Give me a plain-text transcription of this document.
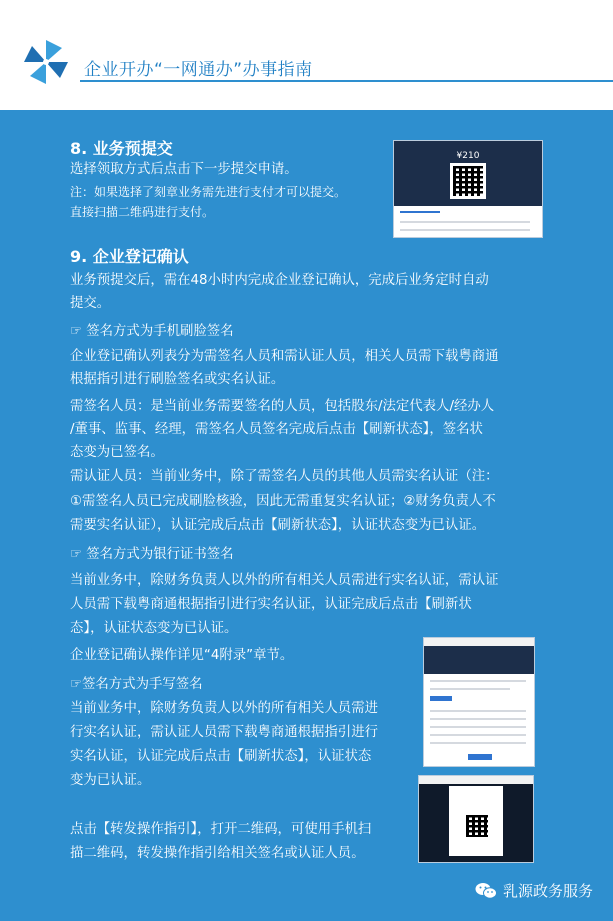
企业开办“一网通办”办事指南
8. 业务预提交
选择领取方式后点击下一步提交申请。
注：如果选择了刻章业务需先进行支付才可以提交。
直接扫描二维码进行支付。
¥210
9. 企业登记确认
业务预提交后，需在48小时内完成企业登记确认，完成后业务定时自动
提交。
☞ 签名方式为手机刷脸签名
企业登记确认列表分为需签名人员和需认证人员，相关人员需下载粤商通
根据指引进行刷脸签名或实名认证。
需签名人员：是当前业务需要签名的人员，包括股东/法定代表人/经办人
/董事、监事、经理，需签名人员签名完成后点击【刷新状态】，签名状
态变为已签名。
需认证人员：当前业务中，除了需签名人员的其他人员需实名认证（注：
①需签名人员已完成刷脸核验，因此无需重复实名认证；②财务负责人不
需要实名认证），认证完成后点击【刷新状态】，认证状态变为已认证。
☞ 签名方式为银行证书签名
当前业务中，除财务负责人以外的所有相关人员需进行实名认证，需认证
人员需下载粤商通根据指引进行实名认证，认证完成后点击【刷新状
态】，认证状态变为已认证。
企业登记确认操作详见“4附录”章节。
☞签名方式为手写签名
当前业务中，除财务负责人以外的所有相关人员需进
行实名认证，需认证人员需下载粤商通根据指引进行
实名认证，认证完成后点击【刷新状态】，认证状态
变为已认证。
点击【转发操作指引】，打开二维码，可使用手机扫
描二维码，转发操作指引给相关签名或认证人员。
乳源政务服务
